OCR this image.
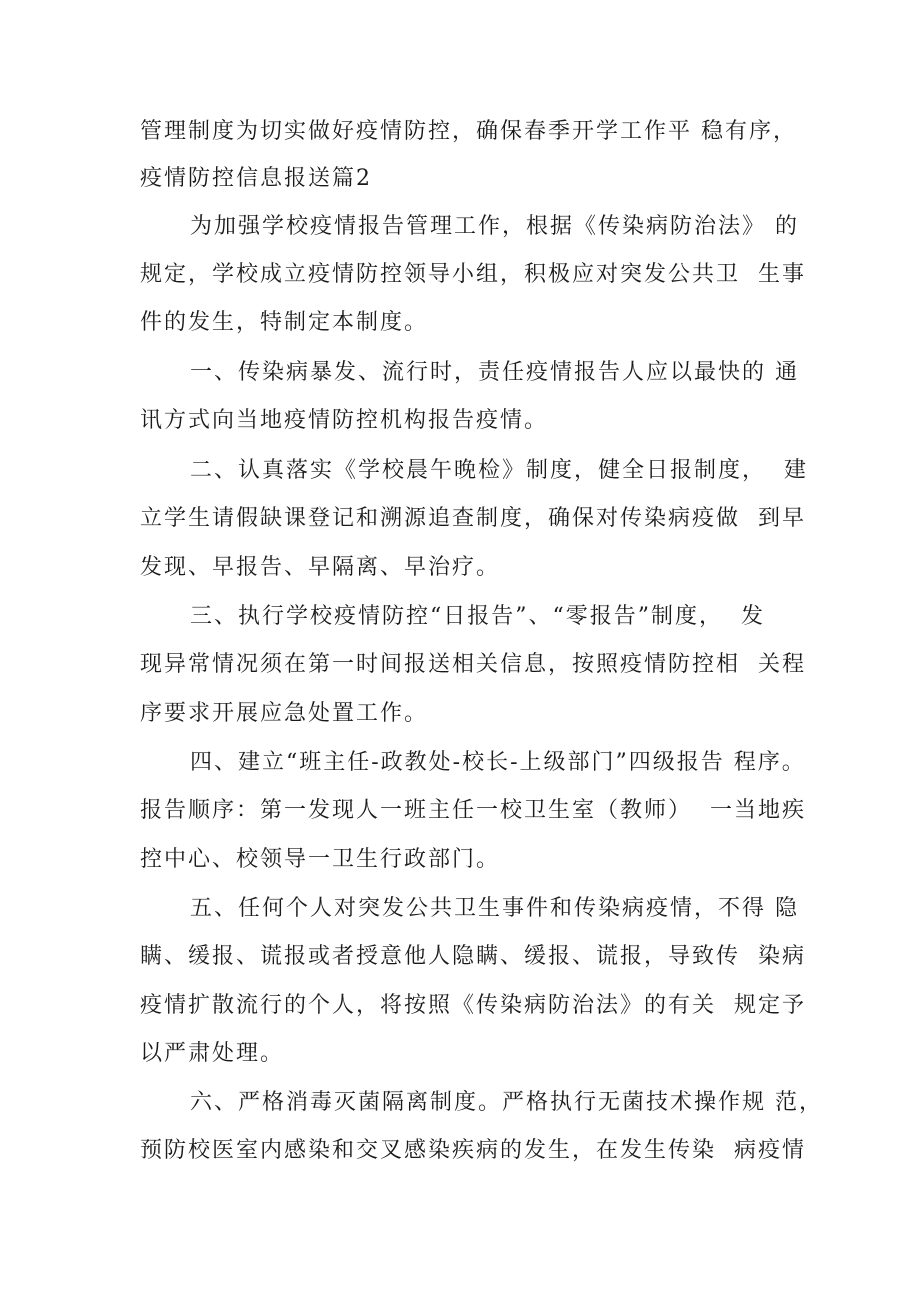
管理制度为切实做好疫情防控，确保春季开学工作平 稳有序，
疫情防控信息报送篇2
为加强学校疫情报告管理工作，根据《传染病防治法》 的
规定，学校成立疫情防控领导小组，积极应对突发公共卫  生事
件的发生，特制定本制度。
一、传染病暴发、流行时，责任疫情报告人应以最快的 通
讯方式向当地疫情防控机构报告疫情。
二、认真落实《学校晨午晚检》制度，健全日报制度，  建
立学生请假缺课登记和溯源追查制度，确保对传染病疫做  到早
发现、早报告、早隔离、早治疗。
三、执行学校疫情防控“日报告”、“零报告”制度，  发
现异常情况须在第一时间报送相关信息，按照疫情防控相  关程
序要求开展应急处置工作。
四、建立“班主任-政教处-校长-上级部门”四级报告 程序。
报告顺序：第一发现人一班主任一校卫生室（教师）  一当地疾
控中心、校领导一卫生行政部门。
五、任何个人对突发公共卫生事件和传染病疫情，不得 隐
瞒、缓报、谎报或者授意他人隐瞒、缓报、谎报，导致传  染病
疫情扩散流行的个人，将按照《传染病防治法》的有关  规定予
以严肃处理。
六、严格消毒灭菌隔离制度。严格执行无菌技术操作规 范，
预防校医室内感染和交叉感染疾病的发生，在发生传染  病疫情
